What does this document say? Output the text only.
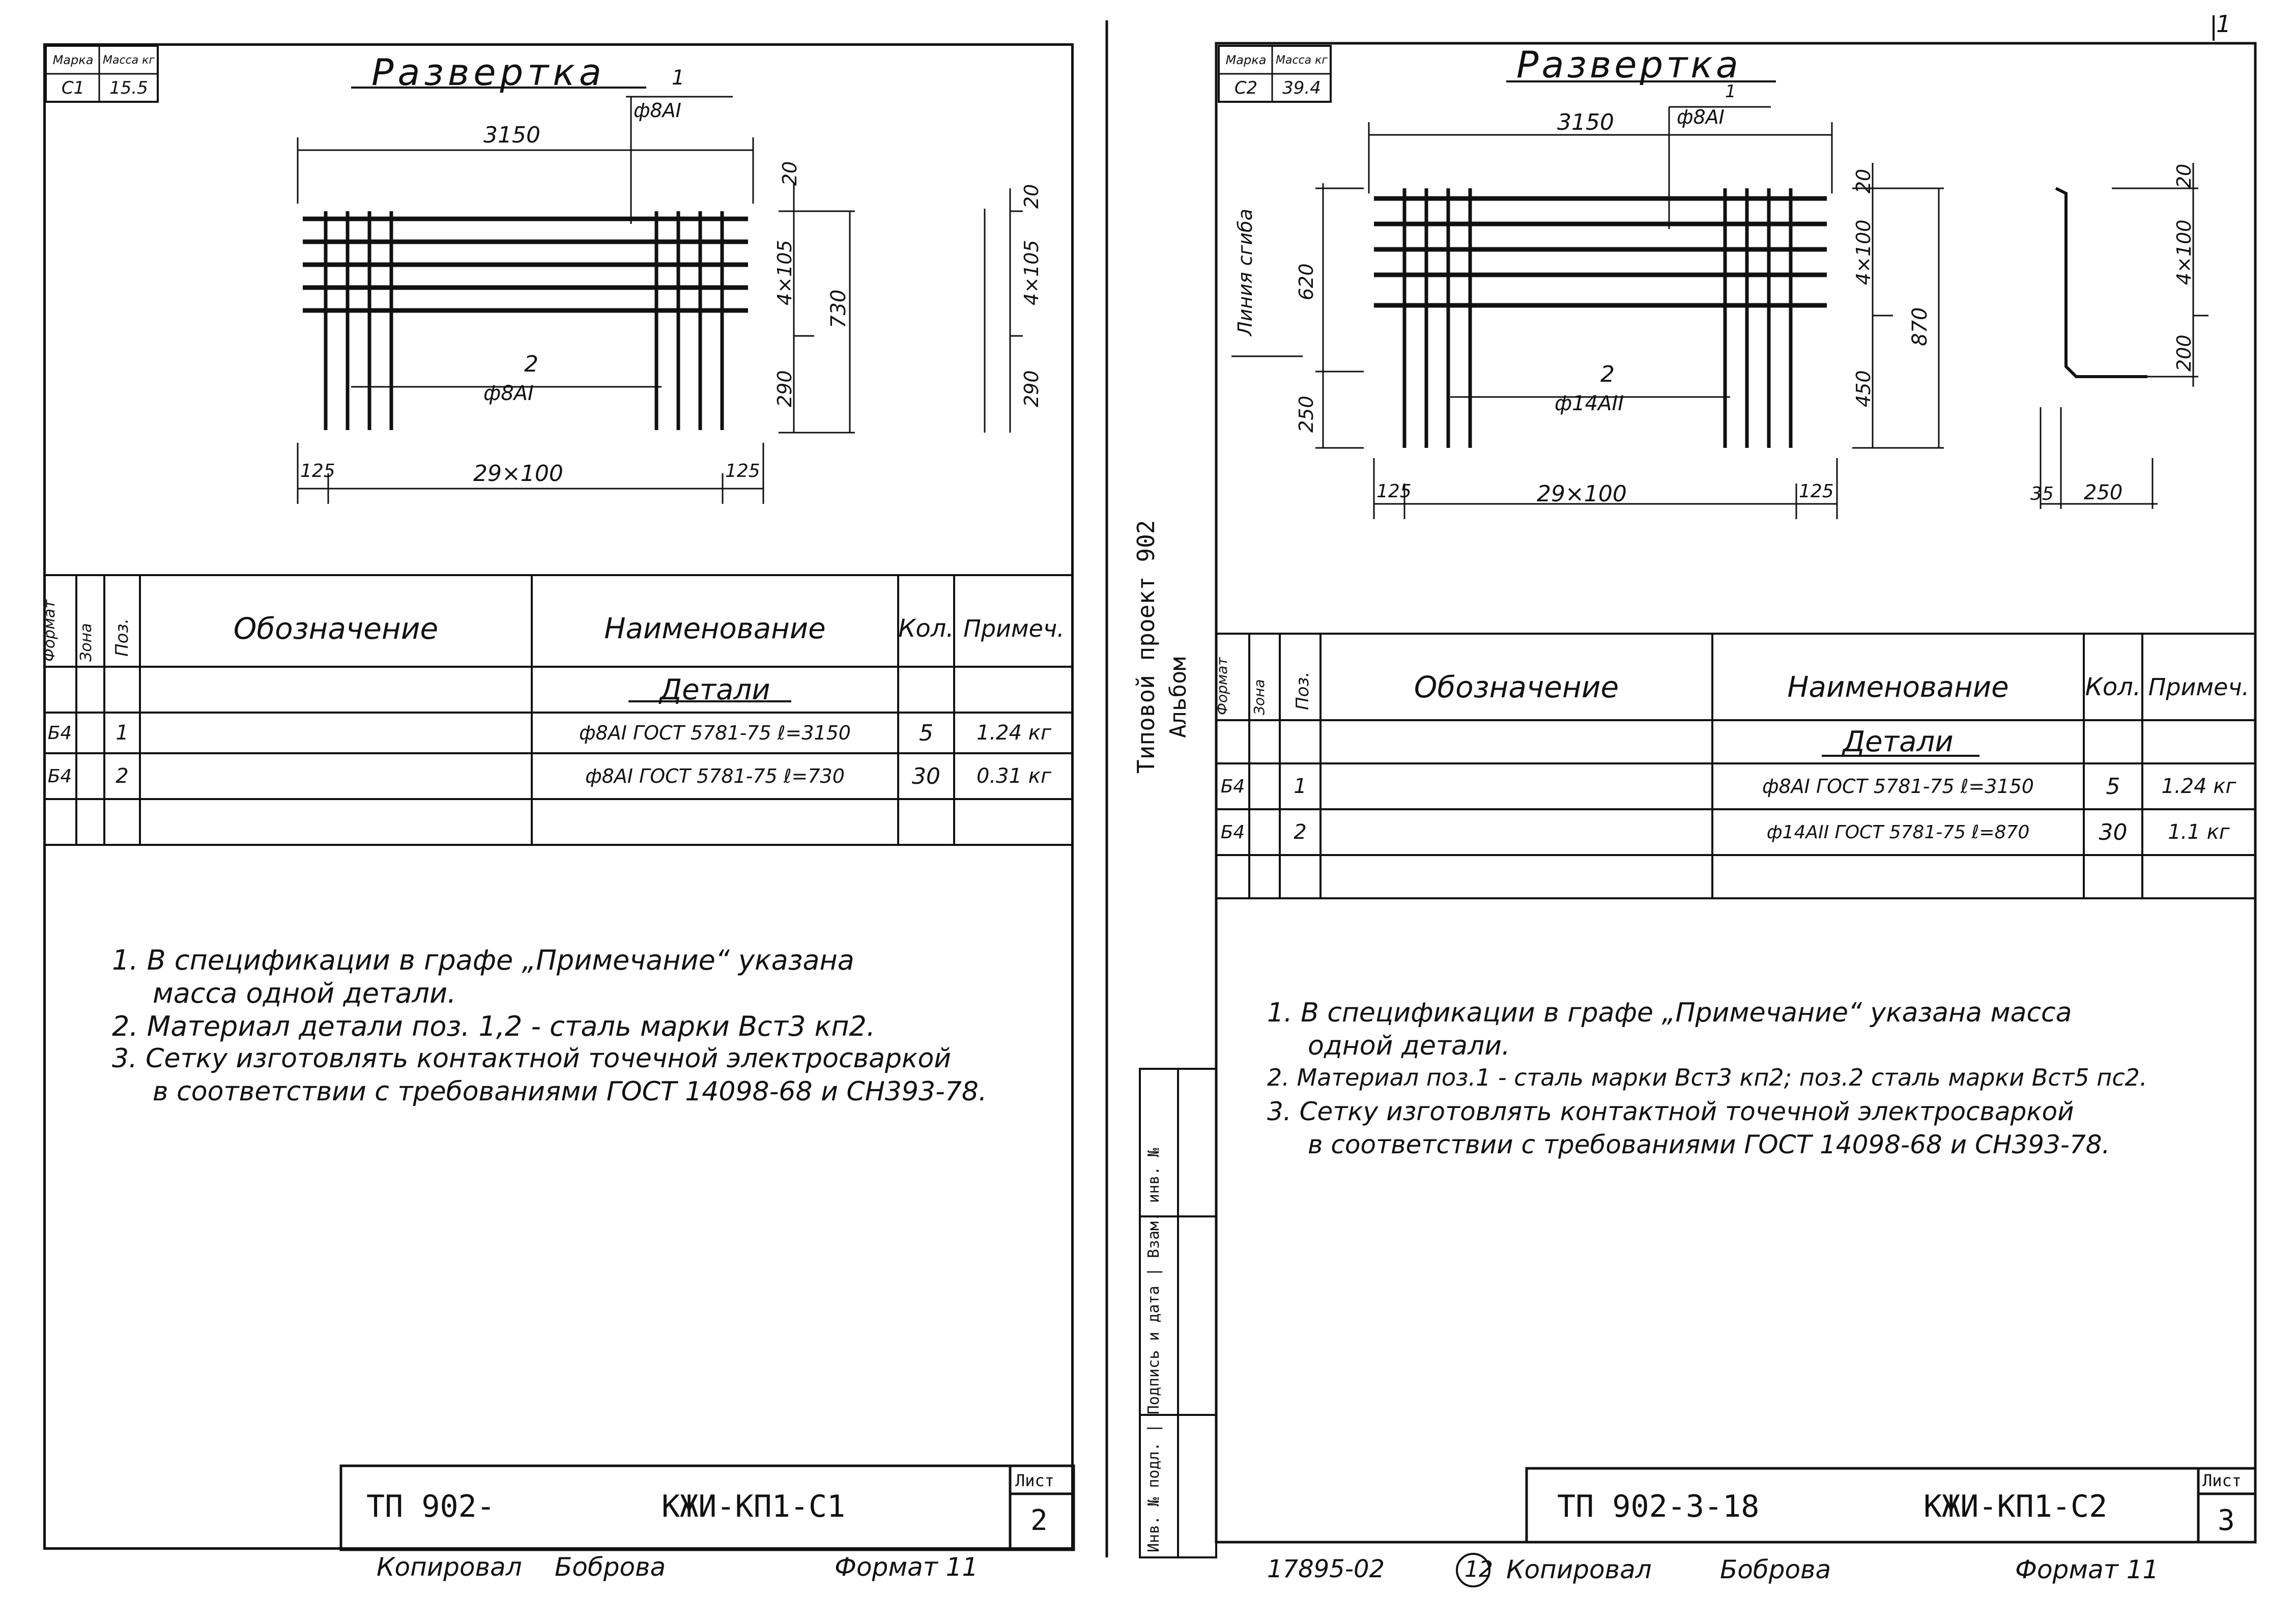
Марка Масса кг
С1	15.5	Развертка	1
ф8АI
3150
2
ф8АI
20
4×105
730
290
20
4×105
290
125	29×100	125
Формат Зона Поз.	Обозначение	Наименование	Кол. Примеч.
Детали
Б4	1	ф8АI ГОСТ 5781-75 ℓ=3150	5	1.24 кг
Б4	2	ф8АI ГОСТ 5781-75 ℓ=730	30	0.31 кг
1. В спецификации в графе „Примечание“ указана
масса одной детали.
2. Материал детали поз. 1,2 - сталь марки Вст3 кп2.
3. Сетку изготовлять контактной точечной электросваркой
в соответствии с требованиями ГОСТ 14098-68 и СН393-78.
ТП 902-	КЖИ-КП1-С1
Лист
2
Копировал Боброва	Формат 11
Типовой проект 902 Альбом
Инв. № подл. | Подпись и дата | Взам. инв. №
Марка Масса кг
С2	39.4
Развертка
1
1
ф8АI
3150
Линия сгиба 620
250
2
ф14АII
20
4×100
450
870
20
4×100
200
35 250
125	29×100	125
Формат Зона Поз.	Обозначение	Наименование	Кол. Примеч.
Детали
Б4	1	ф8АI ГОСТ 5781-75 ℓ=3150	5	1.24 кг
Б4	2	ф14АII ГОСТ 5781-75 ℓ=870	30	1.1 кг
1. В спецификации в графе „Примечание“ указана масса
одной детали.
2. Материал поз.1 - сталь марки Вст3 кп2; поз.2 сталь марки Вст5 пс2.
3. Сетку изготовлять контактной точечной электросваркой
в соответствии с требованиями ГОСТ 14098-68 и СН393-78.
ТП 902-3-18	КЖИ-КП1-С2
Лист
3
17895-02	12 Копировал	Боброва	Формат 11
